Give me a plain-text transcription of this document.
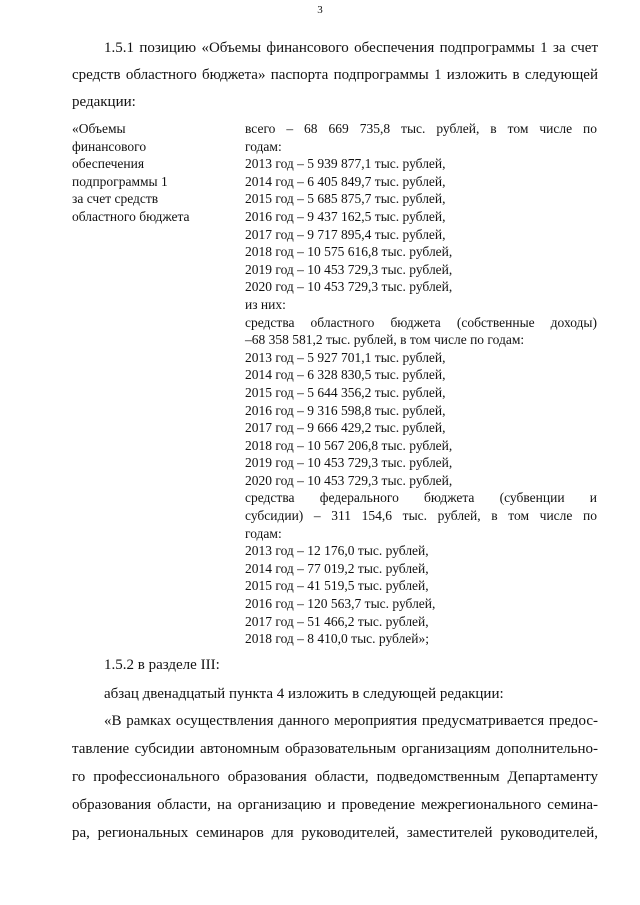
3

1.5.1 позицию «Объемы финансового обеспечения подпрограммы 1 за счет

средств областного бюджета» паспорта подпрограммы 1 изложить в следующей

редакции:

«Объемы
финансового
обеспечения
подпрограммы 1
за счет средств
областного бюджета
всего – 68 669 735,8 тыс. рублей, в том числе по
годам:
2013 год – 5 939 877,1 тыс. рублей,
2014 год – 6 405 849,7 тыс. рублей,
2015 год – 5 685 875,7 тыс. рублей,
2016 год – 9 437 162,5 тыс. рублей,
2017 год – 9 717 895,4 тыс. рублей,
2018 год – 10 575 616,8 тыс. рублей,
2019 год – 10 453 729,3 тыс. рублей,
2020 год – 10 453 729,3 тыс. рублей,
из них:
средства областного бюджета (собственные доходы)
–68 358 581,2 тыс. рублей, в том числе по годам:
2013 год – 5 927 701,1 тыс. рублей,
2014 год – 6 328 830,5 тыс. рублей,
2015 год – 5 644 356,2 тыс. рублей,
2016 год – 9 316 598,8 тыс. рублей,
2017 год – 9 666 429,2 тыс. рублей,
2018 год – 10 567 206,8 тыс. рублей,
2019 год – 10 453 729,3 тыс. рублей,
2020 год – 10 453 729,3 тыс. рублей,
средства федерального бюджета (субвенции и
субсидии) – 311 154,6 тыс. рублей, в том числе по
годам:
2013 год – 12 176,0 тыс. рублей,
2014 год – 77 019,2 тыс. рублей,
2015 год – 41 519,5 тыс. рублей,
2016 год – 120 563,7 тыс. рублей,
2017 год – 51 466,2 тыс. рублей,
2018 год – 8 410,0 тыс. рублей»;

1.5.2 в разделе III:

абзац двенадцатый пункта 4 изложить в следующей редакции:

«В рамках осуществления данного мероприятия предусматривается предос-

тавление субсидии автономным образовательным организациям дополнительно-

го профессионального образования области, подведомственным Департаменту

образования области, на организацию и проведение межрегионального семина-

ра, региональных семинаров для руководителей, заместителей руководителей,
